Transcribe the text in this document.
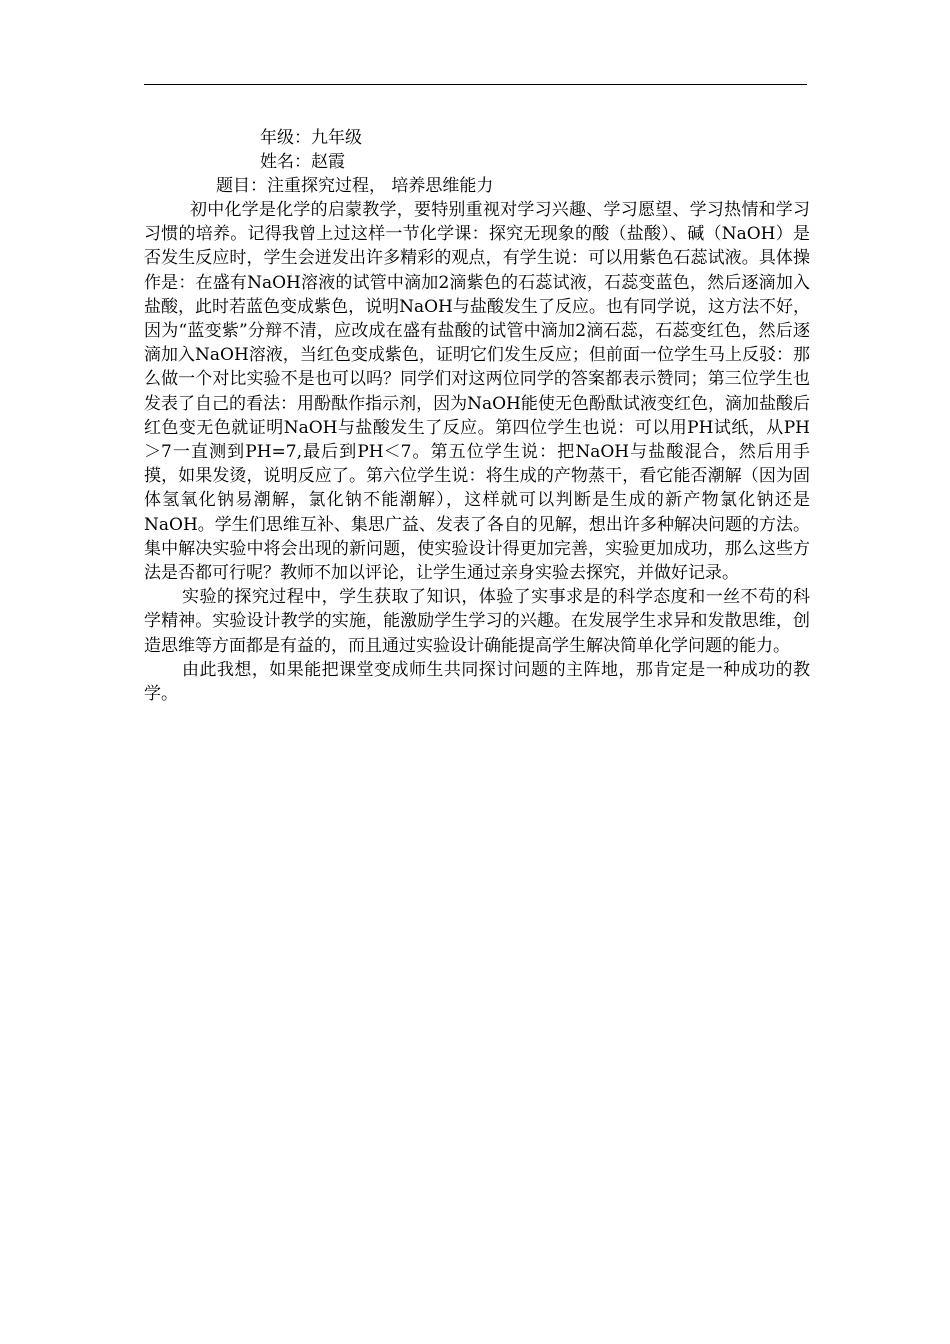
年级：九年级
姓名：赵霞
题目：注重探究过程， 培养思维能力

初中化学是化学的启蒙教学，要特别重视对学习兴趣、学习愿望、学习热情和学习习惯的培养。记得我曾上过这样一节化学课：探究无现象的酸（盐酸）、碱（NaOH）是否发生反应时，学生会迸发出许多精彩的观点，有学生说：可以用紫色石蕊试液。具体操作是：在盛有NaOH溶液的试管中滴加2滴紫色的石蕊试液，石蕊变蓝色，然后逐滴加入盐酸，此时若蓝色变成紫色，说明NaOH与盐酸发生了反应。也有同学说，这方法不好，因为“蓝变紫”分辩不清，应改成在盛有盐酸的试管中滴加2滴石蕊，石蕊变红色，然后逐滴加入NaOH溶液，当红色变成紫色，证明它们发生反应；但前面一位学生马上反驳：那么做一个对比实验不是也可以吗？同学们对这两位同学的答案都表示赞同；第三位学生也发表了自己的看法：用酚酞作指示剂，因为NaOH能使无色酚酞试液变红色，滴加盐酸后红色变无色就证明NaOH与盐酸发生了反应。第四位学生也说：可以用PH试纸，从PH＞7一直测到PH=7,最后到PH＜7。第五位学生说：把NaOH与盐酸混合，然后用手摸，如果发烫，说明反应了。第六位学生说：将生成的产物蒸干，看它能否潮解（因为固体氢氧化钠易潮解，氯化钠不能潮解），这样就可以判断是生成的新产物氯化钠还是NaOH。学生们思维互补、集思广益、发表了各自的见解，想出许多种解决问题的方法。集中解决实验中将会出现的新问题，使实验设计得更加完善，实验更加成功，那么这些方法是否都可行呢？教师不加以评论，让学生通过亲身实验去探究，并做好记录。

实验的探究过程中，学生获取了知识，体验了实事求是的科学态度和一丝不苟的科学精神。实验设计教学的实施，能激励学生学习的兴趣。在发展学生求异和发散思维，创造思维等方面都是有益的，而且通过实验设计确能提高学生解决简单化学问题的能力。

由此我想，如果能把课堂变成师生共同探讨问题的主阵地，那肯定是一种成功的教学。
